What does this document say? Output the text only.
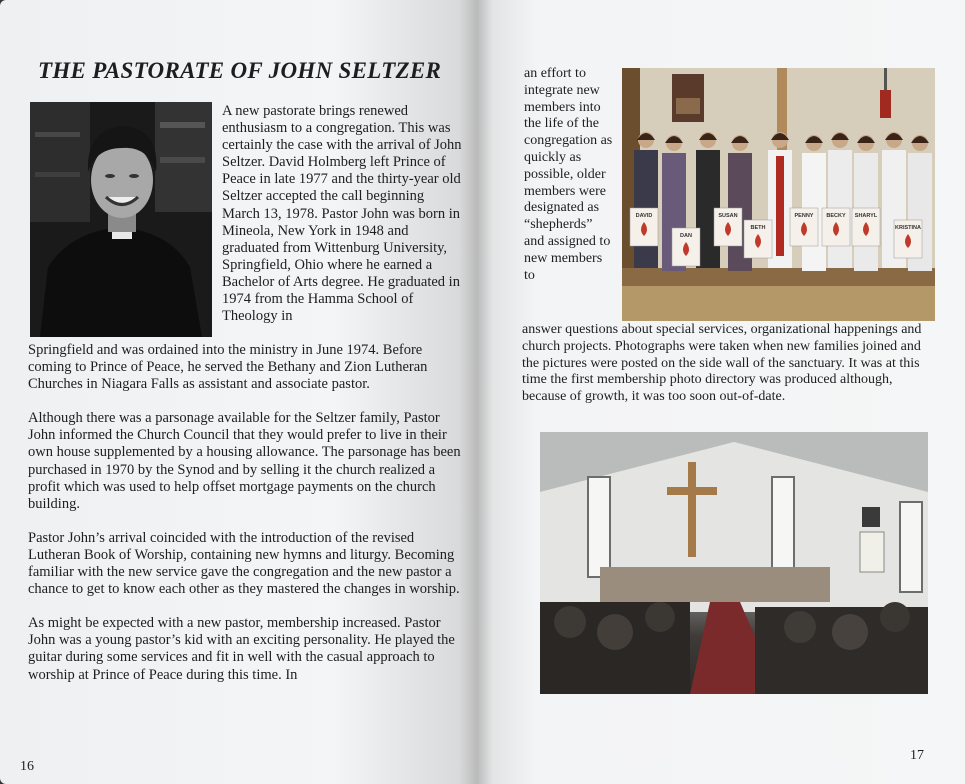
THE PASTORATE OF JOHN SELTZER

A new pastorate brings renewed enthusiasm to a congregation. This was certainly the case with the arrival of John Seltzer. David Holmberg left Prince of Peace in late 1977 and the thirty-year old Seltzer accepted the call beginning March 13, 1978. Pastor John was born in Mineola, New York in 1948 and graduated from Wittenburg University, Springfield, Ohio where he earned a Bachelor of Arts degree. He graduated in 1974 from the Hamma School of Theology in

Springfield and was ordained into the ministry in June 1974. Before coming to Prince of Peace, he served the Bethany and Zion Lutheran Churches in Niagara Falls as assistant and associate pastor.

Although there was a parsonage available for the Seltzer family, Pastor John informed the Church Council that they would prefer to live in their own house supplemented by a housing allowance. The parsonage has been purchased in 1970 by the Synod and by selling it the church realized a profit which was used to help offset mortgage payments on the church building.

Pastor John’s arrival coincided with the introduction of the revised Lutheran Book of Worship, containing new hymns and liturgy. Becoming familiar with the new service gave the congregation and the new pastor a chance to get to know each other as they mastered the changes in worship.

As might be expected with a new pastor, membership increased. Pastor John was a young pastor’s kid with an exciting personality. He played the guitar during some services and fit in well with the casual approach to worship at Prince of Peace during this time. In

16

an effort to integrate new members into the life of the congregation as quickly as possible, older members were designated as “shepherds” and assigned to new members to

DAVID
DAN
SUSAN
BETH
PENNY BECKY SHARYL
KRISTINA

answer questions about special services, organizational happenings and church projects. Photographs were taken when new families joined and the pictures were posted on the side wall of the sanctuary. It was at this time the first membership photo directory was produced although, because of growth, it was too soon out-of-date.

17
